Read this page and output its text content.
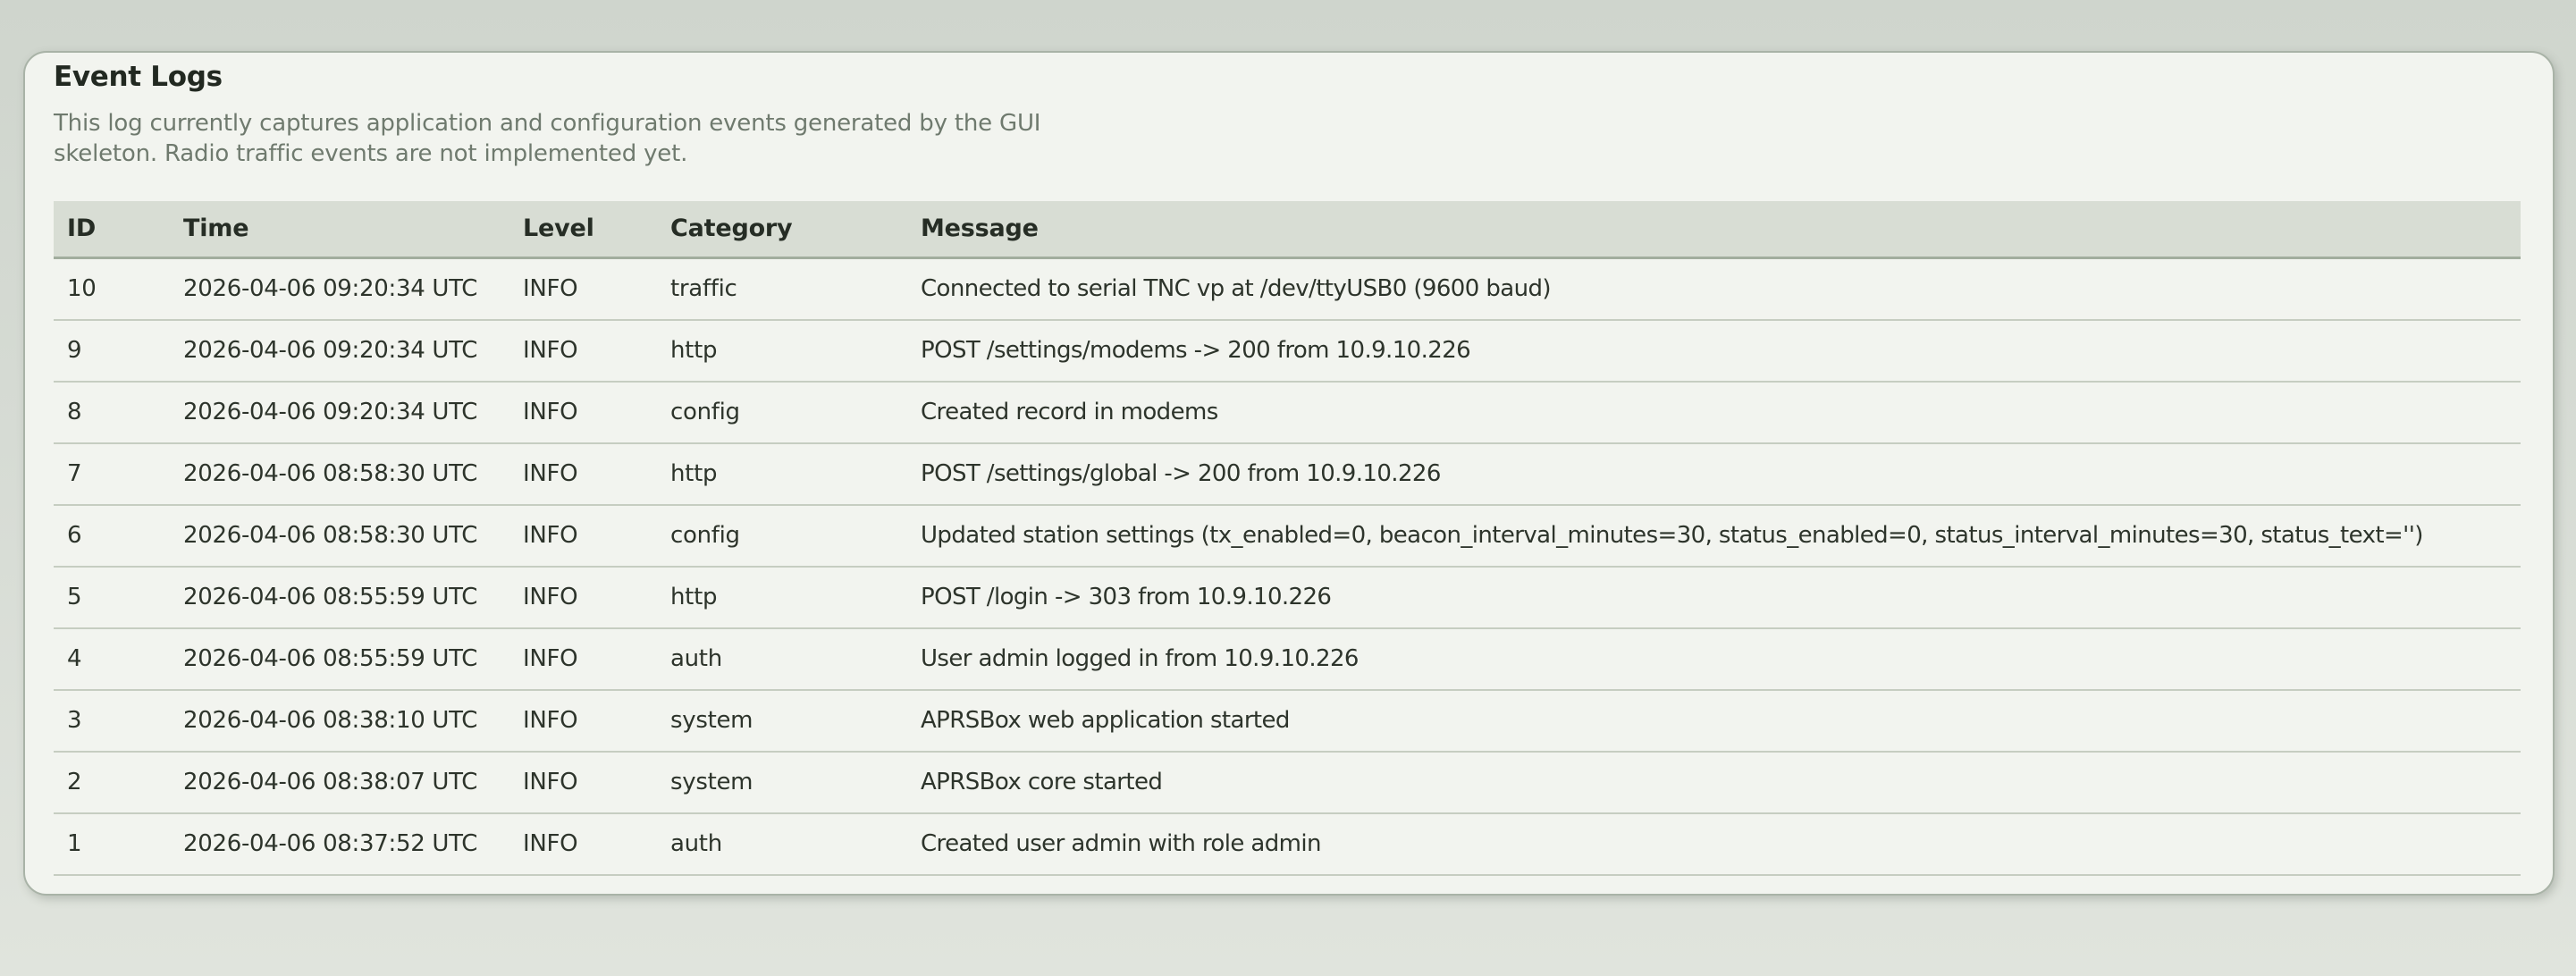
Event Logs

This log currently captures application and configuration events generated by the GUI
skeleton. Radio traffic events are not implemented yet.

ID	Time	Level	Category	Message
10	2026-04-06 09:20:34 UTC	INFO	traffic	Connected to serial TNC vp at /dev/ttyUSB0 (9600 baud)
9	2026-04-06 09:20:34 UTC	INFO	http	POST /settings/modems -> 200 from 10.9.10.226
8	2026-04-06 09:20:34 UTC	INFO	config	Created record in modems
7	2026-04-06 08:58:30 UTC	INFO	http	POST /settings/global -> 200 from 10.9.10.226
6	2026-04-06 08:58:30 UTC	INFO	config	Updated station settings (tx_enabled=0, beacon_interval_minutes=30, status_enabled=0, status_interval_minutes=30, status_text='')
5	2026-04-06 08:55:59 UTC	INFO	http	POST /login -> 303 from 10.9.10.226
4	2026-04-06 08:55:59 UTC	INFO	auth	User admin logged in from 10.9.10.226
3	2026-04-06 08:38:10 UTC	INFO	system	APRSBox web application started
2	2026-04-06 08:38:07 UTC	INFO	system	APRSBox core started
1	2026-04-06 08:37:52 UTC	INFO	auth	Created user admin with role admin
